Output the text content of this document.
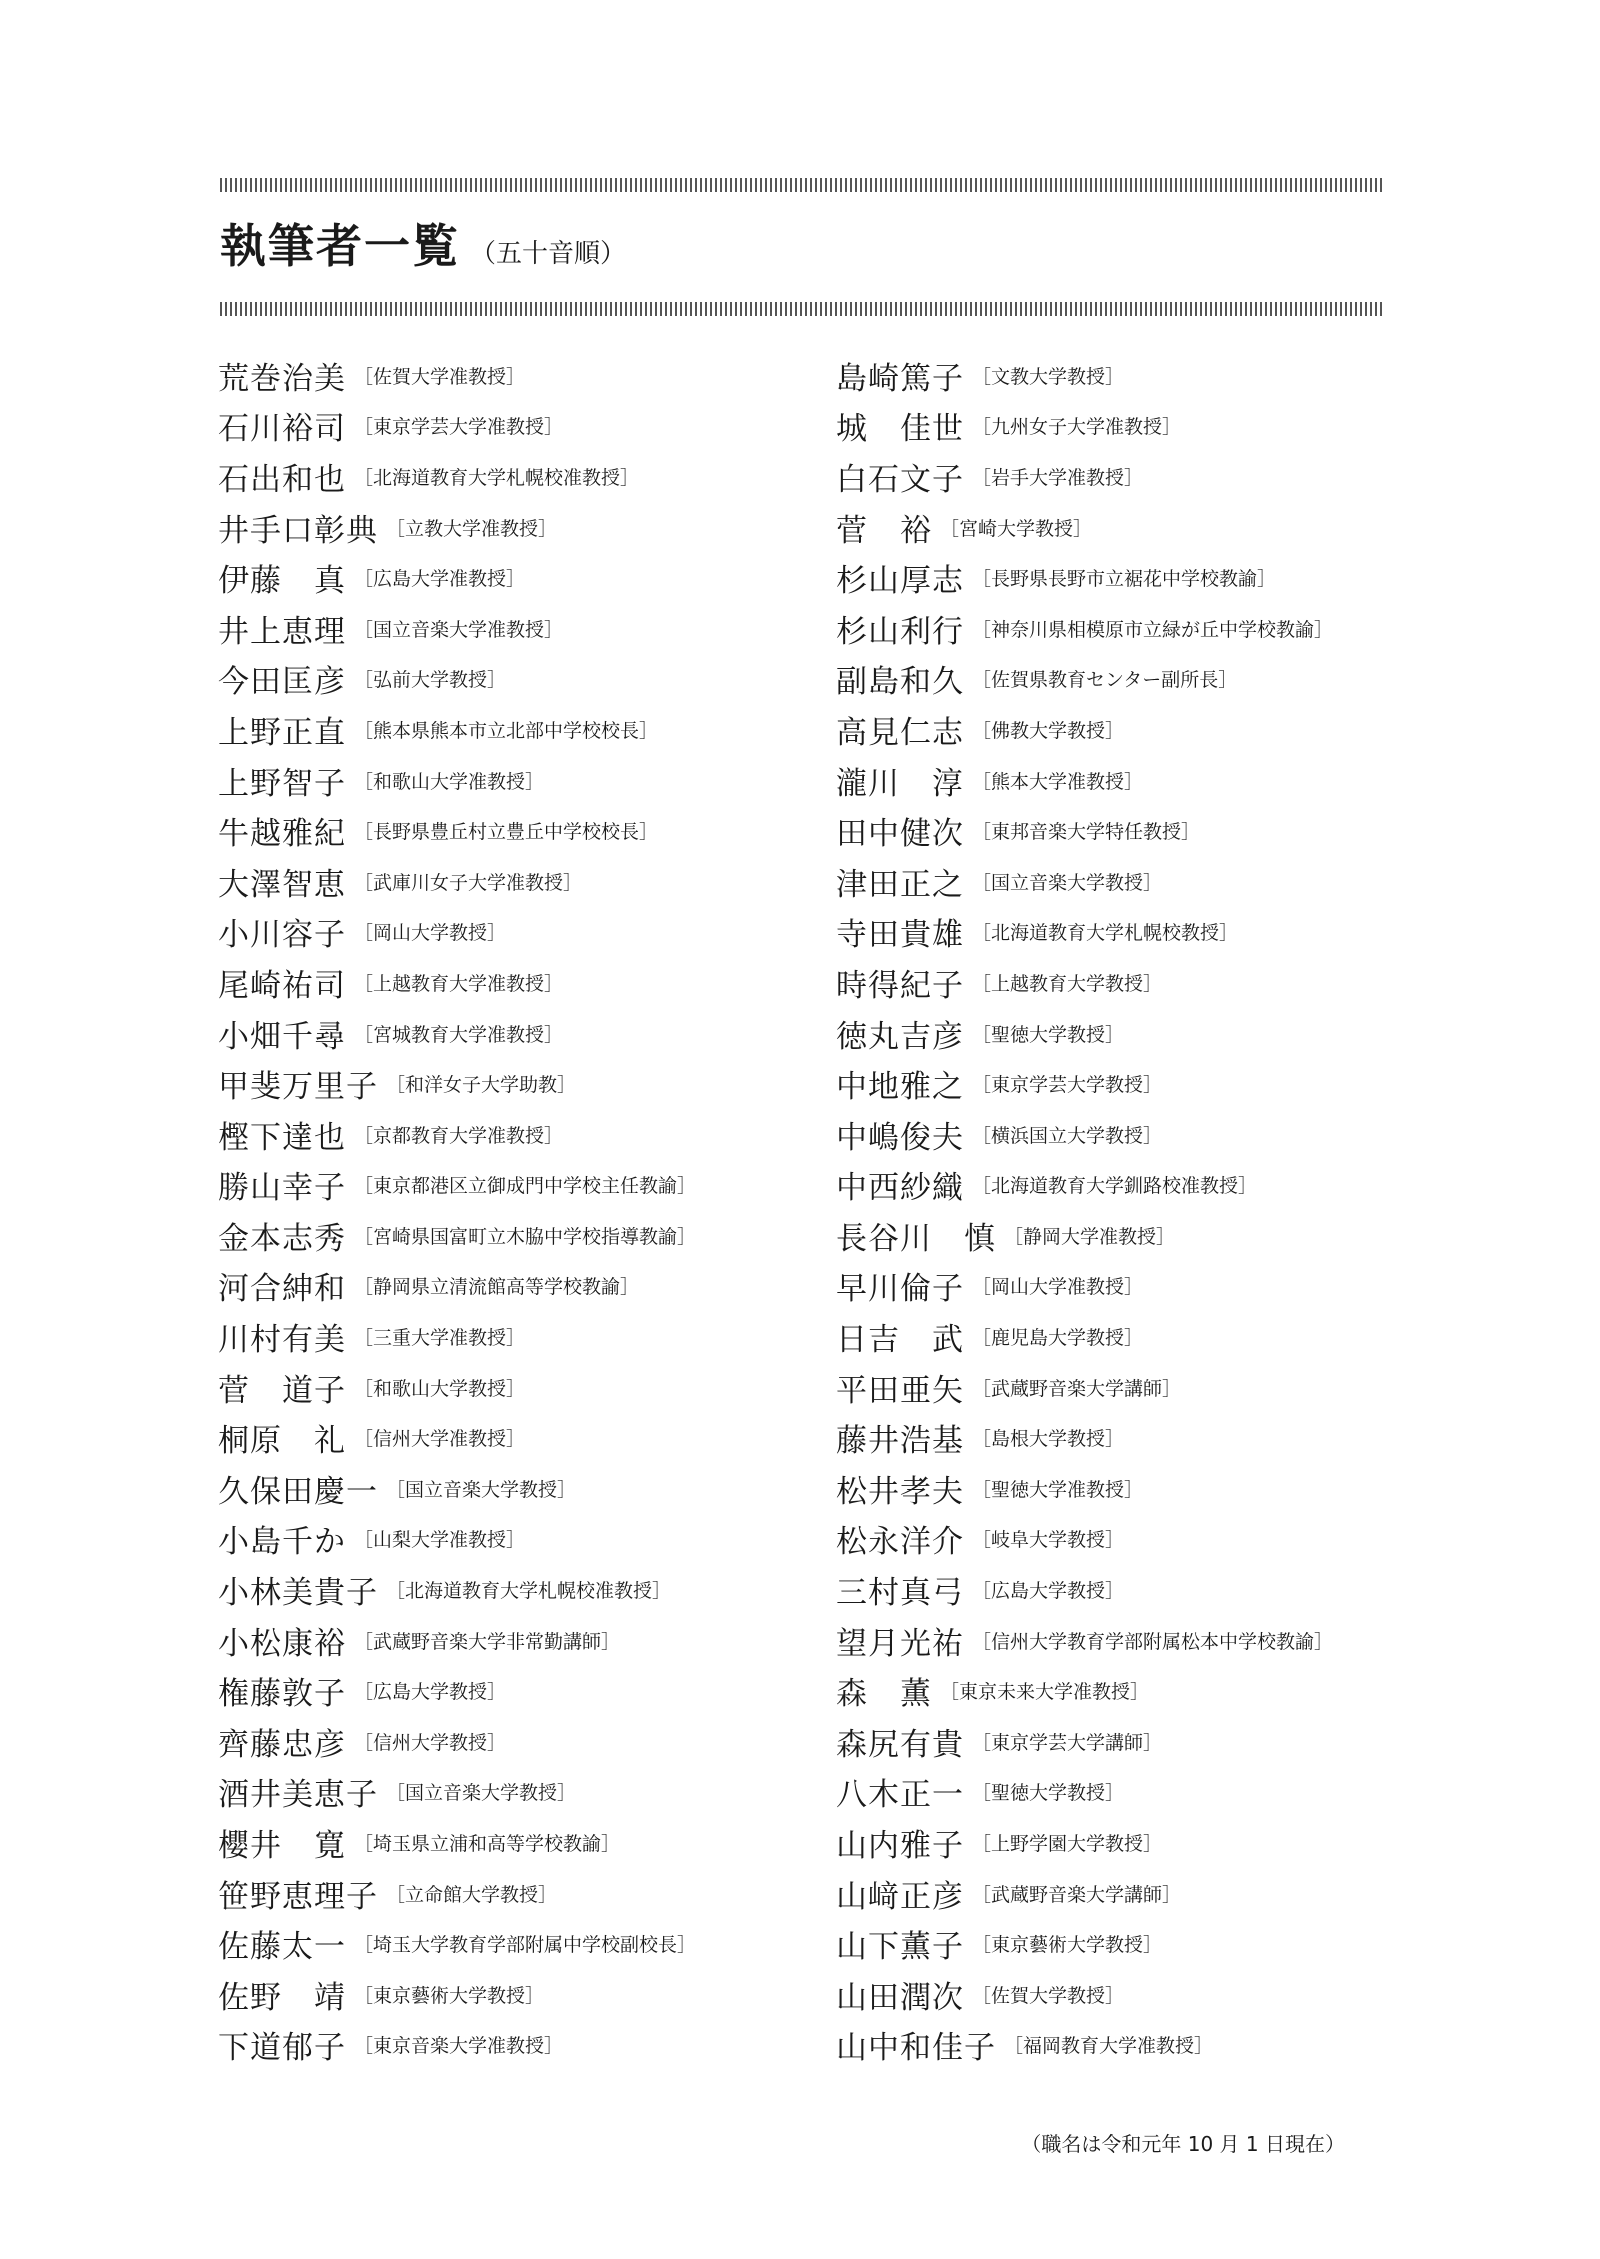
執筆者一覧 （五十音順）
荒巻治美 ［佐賀大学准教授］
石川裕司 ［東京学芸大学准教授］
石出和也 ［北海道教育大学札幌校准教授］
井手口彰典 ［立教大学准教授］
伊藤　真 ［広島大学准教授］
井上恵理 ［国立音楽大学准教授］
今田匡彦 ［弘前大学教授］
上野正直 ［熊本県熊本市立北部中学校校長］
上野智子 ［和歌山大学准教授］
牛越雅紀 ［長野県豊丘村立豊丘中学校校長］
大澤智恵 ［武庫川女子大学准教授］
小川容子 ［岡山大学教授］
尾崎祐司 ［上越教育大学准教授］
小畑千尋 ［宮城教育大学准教授］
甲斐万里子 ［和洋女子大学助教］
樫下達也 ［京都教育大学准教授］
勝山幸子 ［東京都港区立御成門中学校主任教諭］
金本志秀 ［宮崎県国富町立木脇中学校指導教諭］
河合紳和 ［静岡県立清流館高等学校教諭］
川村有美 ［三重大学准教授］
菅　道子 ［和歌山大学教授］
桐原　礼 ［信州大学准教授］
久保田慶一 ［国立音楽大学教授］
小島千か ［山梨大学准教授］
小林美貴子 ［北海道教育大学札幌校准教授］
小松康裕 ［武蔵野音楽大学非常勤講師］
権藤敦子 ［広島大学教授］
齊藤忠彦 ［信州大学教授］
酒井美恵子 ［国立音楽大学教授］
櫻井　寛 ［埼玉県立浦和高等学校教諭］
笹野恵理子 ［立命館大学教授］
佐藤太一 ［埼玉大学教育学部附属中学校副校長］
佐野　靖 ［東京藝術大学教授］
下道郁子 ［東京音楽大学准教授］
島崎篤子 ［文教大学教授］
城　佳世 ［九州女子大学准教授］
白石文子 ［岩手大学准教授］
菅　裕 ［宮崎大学教授］
杉山厚志 ［長野県長野市立裾花中学校教諭］
杉山利行 ［神奈川県相模原市立緑が丘中学校教諭］
副島和久 ［佐賀県教育センター副所長］
高見仁志 ［佛教大学教授］
瀧川　淳 ［熊本大学准教授］
田中健次 ［東邦音楽大学特任教授］
津田正之 ［国立音楽大学教授］
寺田貴雄 ［北海道教育大学札幌校教授］
時得紀子 ［上越教育大学教授］
徳丸吉彦 ［聖徳大学教授］
中地雅之 ［東京学芸大学教授］
中嶋俊夫 ［横浜国立大学教授］
中西紗織 ［北海道教育大学釧路校准教授］
長谷川　慎 ［静岡大学准教授］
早川倫子 ［岡山大学准教授］
日吉　武 ［鹿児島大学教授］
平田亜矢 ［武蔵野音楽大学講師］
藤井浩基 ［島根大学教授］
松井孝夫 ［聖徳大学准教授］
松永洋介 ［岐阜大学教授］
三村真弓 ［広島大学教授］
望月光祐 ［信州大学教育学部附属松本中学校教諭］
森　薫 ［東京未来大学准教授］
森尻有貴 ［東京学芸大学講師］
八木正一 ［聖徳大学教授］
山内雅子 ［上野学園大学教授］
山﨑正彦 ［武蔵野音楽大学講師］
山下薫子 ［東京藝術大学教授］
山田潤次 ［佐賀大学教授］
山中和佳子 ［福岡教育大学准教授］
（職名は令和元年 10 月 1 日現在）
